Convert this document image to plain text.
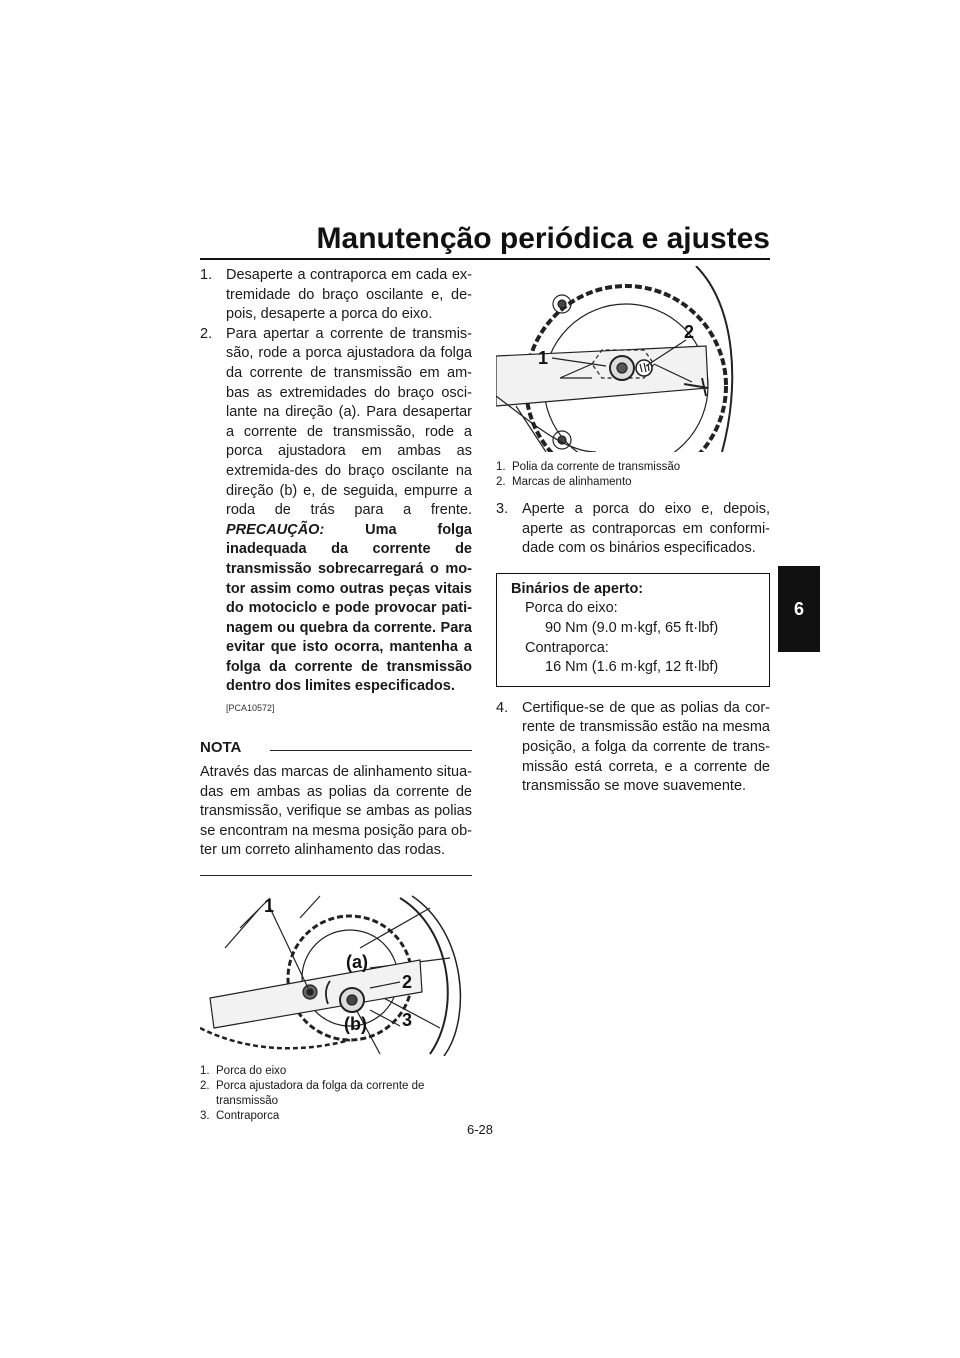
Manutenção periódica e ajustes
6

1. Desaperte a contraporca em cada ex-tremidade do braço oscilante e, de-pois, desaperte a porca do eixo.

2. Para apertar a corrente de transmis-são, rode a porca ajustadora da folga da corrente de transmissão em am-bas as extremidades do braço osci-lante na direção (a). Para desapertar a corrente de transmissão, rode a porca ajustadora em ambas as extremida-des do braço oscilante na direção (b) e, de seguida, empurre a roda de trás para a frente. PRECAUÇÃO:	Uma folga inadequada da corrente de transmissão sobrecarregará o mo-tor assim como outras peças vitais do motociclo e pode provocar pati-nagem ou quebra da corrente. Para evitar que isto ocorra, mantenha a folga da corrente de transmissão dentro dos limites especificados.

[PCA10572]
NOTA

Através das marcas de alinhamento situa-das em ambas as polias da corrente de transmissão, verifique se ambas as polias se encontram na mesma posição para ob-ter um correto alinhamento das rodas.

1
(a)
2
(b) 3
1. Porca do eixo
2. Porca ajustadora da folga da corrente de transmissão
3. Contraporca
1
2
1. Polia da corrente de transmissão
2. Marcas de alinhamento

3. Aperte a porca do eixo e, depois, aperte as contraporcas em conformi-dade com os binários especificados.

Binários de aperto:
Porca do eixo:
90 Nm (9.0 m·kgf, 65 ft·lbf)
Contraporca:
16 Nm (1.6 m·kgf, 12 ft·lbf)

4. Certifique-se de que as polias da cor-rente de transmissão estão na mesma posição, a folga da corrente de trans-missão está correta, e a corrente de transmissão se move suavemente.

6-28
